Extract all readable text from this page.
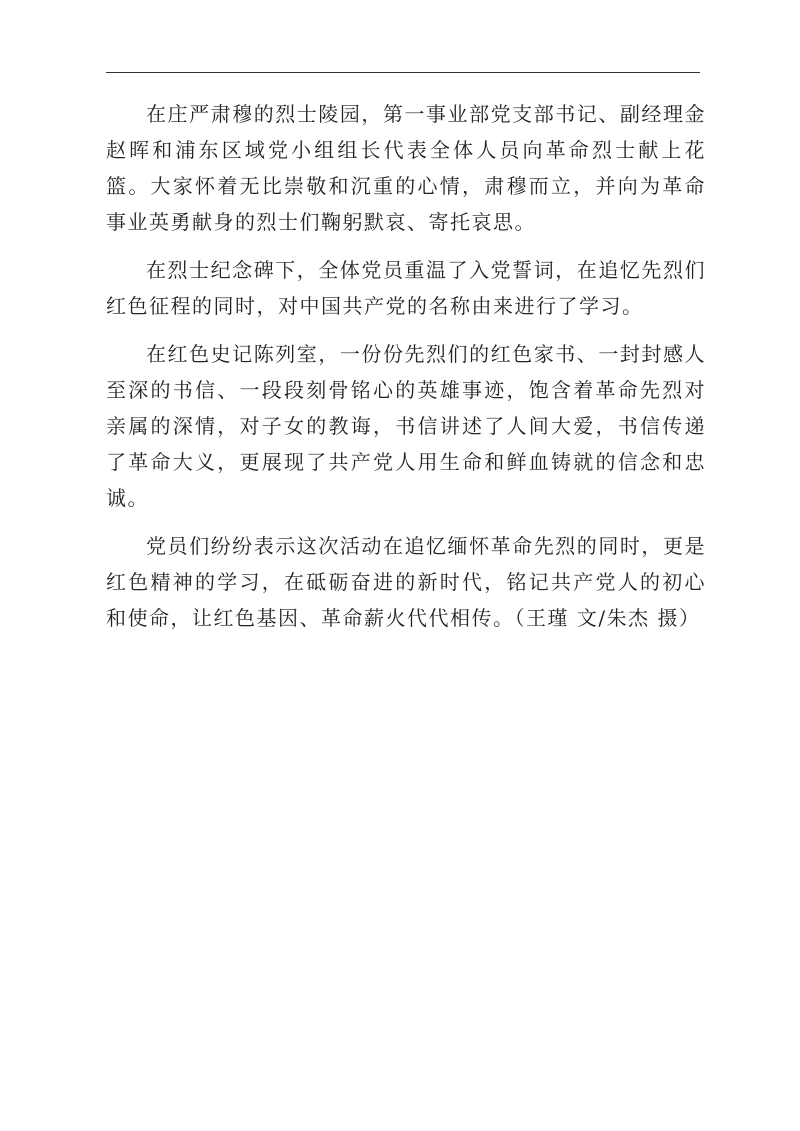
在庄严肃穆的烈士陵园，第一事业部党支部书记、副经理金赵晖和浦东区域党小组组长代表全体人员向革命烈士献上花篮。大家怀着无比崇敬和沉重的心情，肃穆而立，并向为革命事业英勇献身的烈士们鞠躬默哀、寄托哀思。

在烈士纪念碑下，全体党员重温了入党誓词，在追忆先烈们红色征程的同时，对中国共产党的名称由来进行了学习。

在红色史记陈列室，一份份先烈们的红色家书、一封封感人至深的书信、一段段刻骨铭心的英雄事迹，饱含着革命先烈对亲属的深情，对子女的教诲，书信讲述了人间大爱，书信传递了革命大义，更展现了共产党人用生命和鲜血铸就的信念和忠诚。

党员们纷纷表示这次活动在追忆缅怀革命先烈的同时，更是红色精神的学习，在砥砺奋进的新时代，铭记共产党人的初心和使命，让红色基因、革命薪火代代相传。（王瑾 文/朱杰 摄）
